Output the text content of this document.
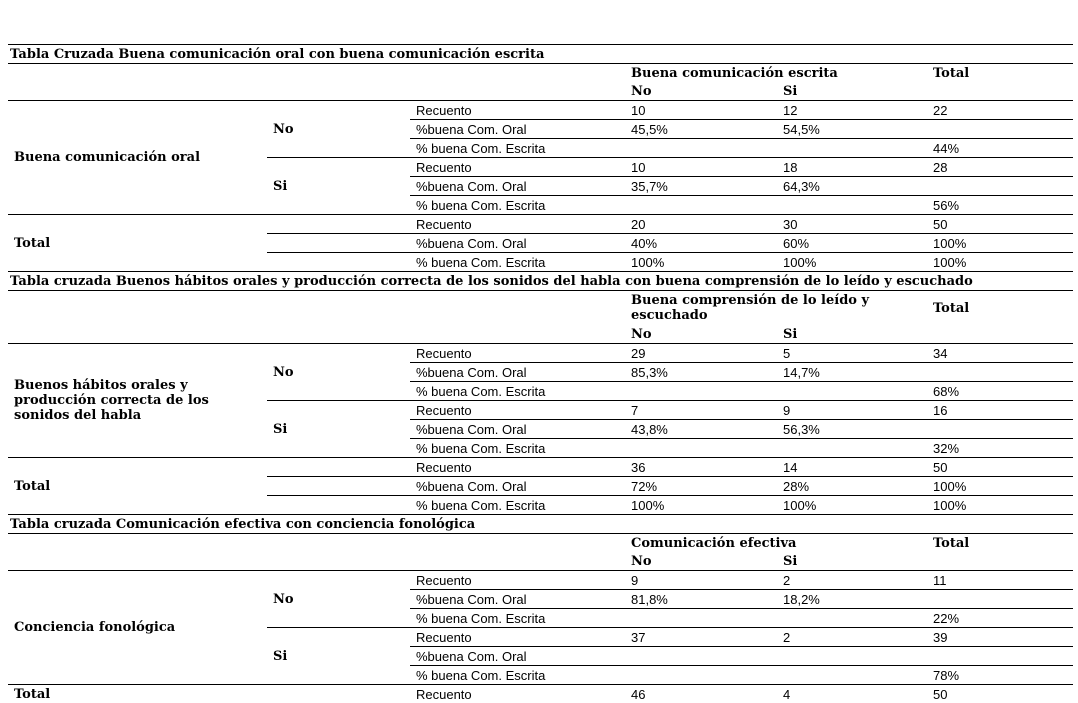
Tabla Cruzada Buena comunicación oral con buena comunicación escrita					
			Buena comunicación escrita		Total
			No	Si	
Buena comunicación oral	No	Recuento	10	12	22
		%buena Com. Oral	45,5%	54,5%	
		% buena Com. Escrita			44%
	Si	Recuento	10	18	28
		%buena Com. Oral	35,7%	64,3%	
		% buena Com. Escrita			56%
Total		Recuento	20	30	50
		%buena Com. Oral	40%	60%	100%
		% buena Com. Escrita	100%	100%	100%
Tabla cruzada Buenos hábitos orales y producción correcta de los sonidos del habla con buena comprensión de lo leído y escuchado					

			Buena comprensión de lo leído y escuchado		Total
			No	Si	
Buenos hábitos orales y producción correcta de los sonidos del habla	No	Recuento	29	5	34
		%buena Com. Oral	85,3%	14,7%	
		% buena Com. Escrita			68%
	Si	Recuento	7	9	16
		%buena Com. Oral	43,8%	56,3%	
		% buena Com. Escrita			32%
Total		Recuento	36	14	50
		%buena Com. Oral	72%	28%	100%
		% buena Com. Escrita	100%	100%	100%
Tabla cruzada Comunicación efectiva con conciencia fonológica					
			Comunicación efectiva		Total
			No	Si	
Conciencia fonológica	No	Recuento	9	2	11
		%buena Com. Oral	81,8%	18,2%	
		% buena Com. Escrita			22%
	Si	Recuento	37	2	39
		%buena Com. Oral			
		% buena Com. Escrita			78%
Total		Recuento	46	4	50
